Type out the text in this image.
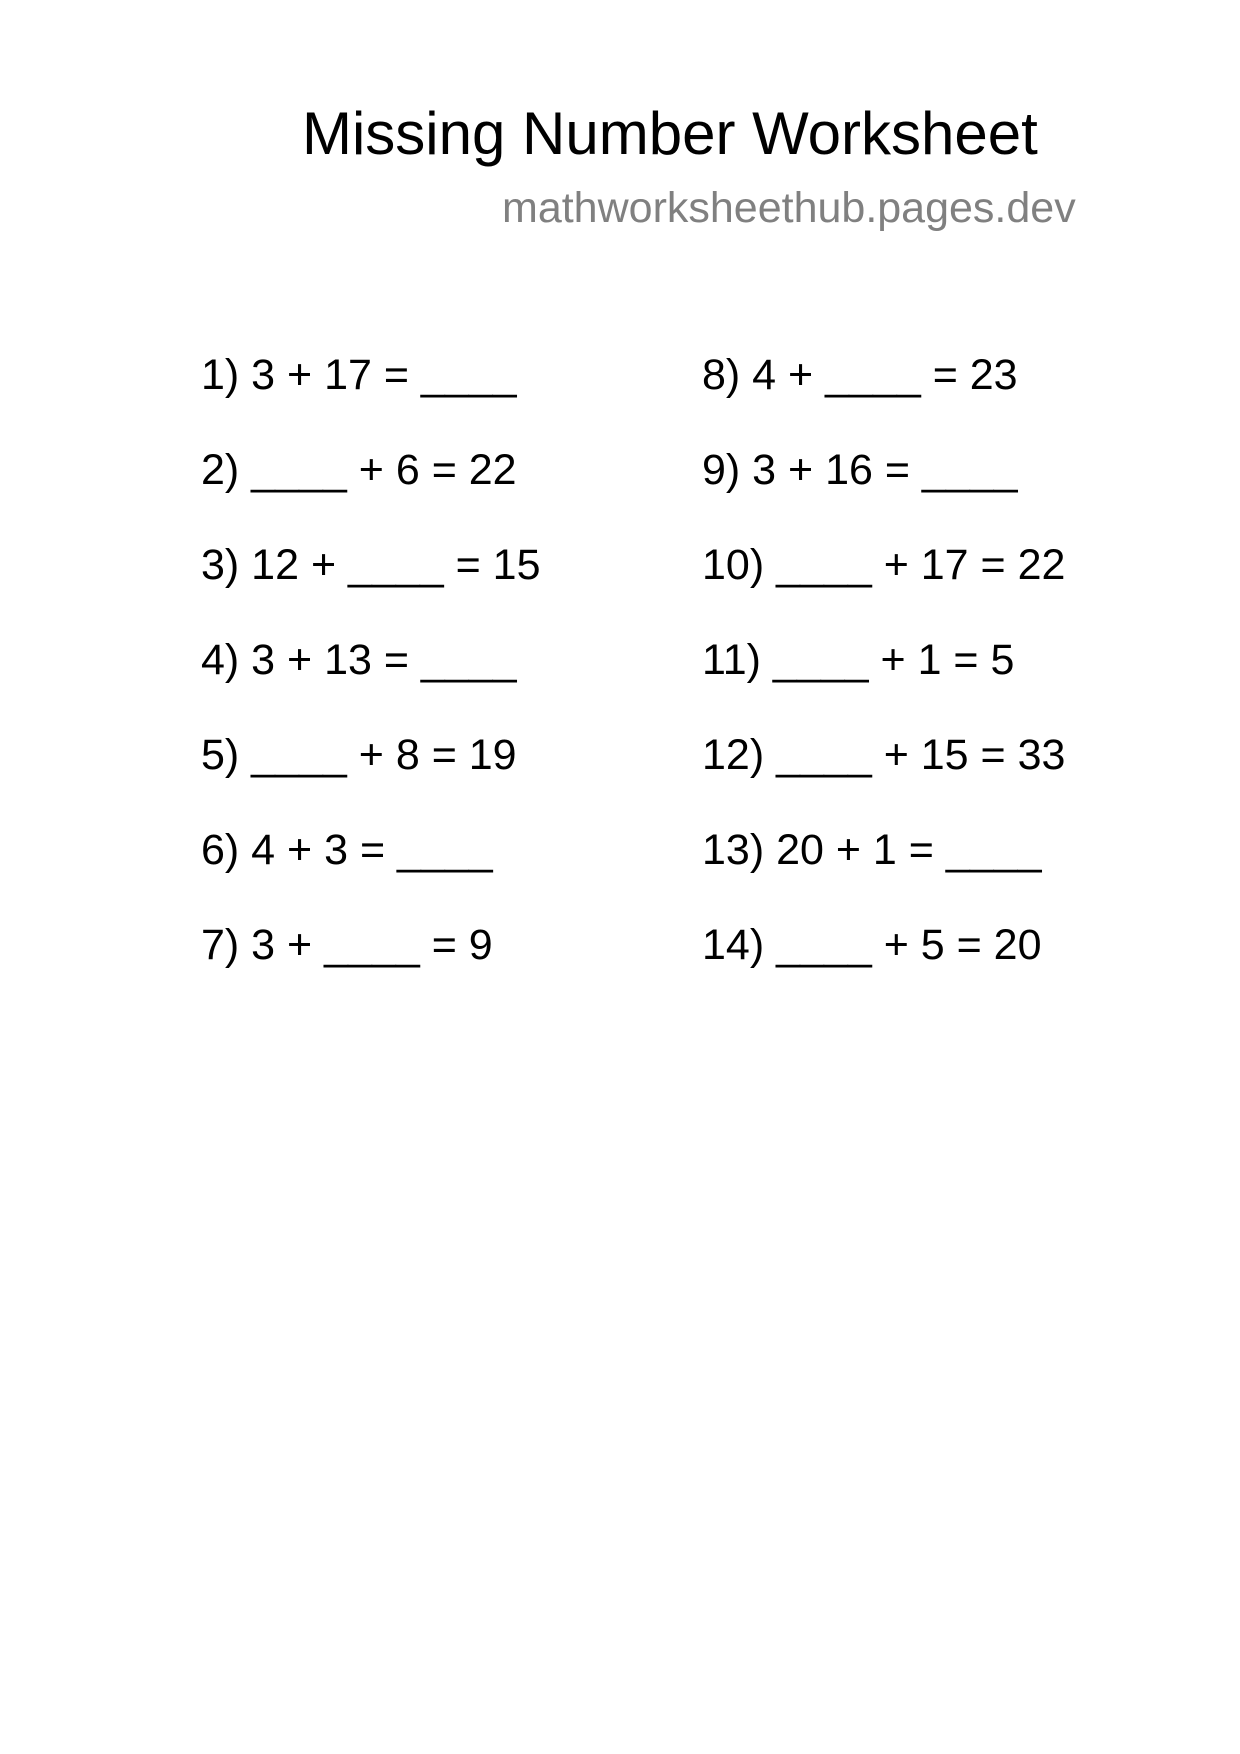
Missing Number Worksheet
mathworksheethub.pages.dev
1) 3 + 17 = ____
2) ____ + 6 = 22
3) 12 + ____ = 15
4) 3 + 13 = ____
5) ____ + 8 = 19
6) 4 + 3 = ____
7) 3 + ____ = 9
8) 4 + ____ = 23
9) 3 + 16 = ____
10) ____ + 17 = 22
11) ____ + 1 = 5
12) ____ + 15 = 33
13) 20 + 1 = ____
14) ____ + 5 = 20
